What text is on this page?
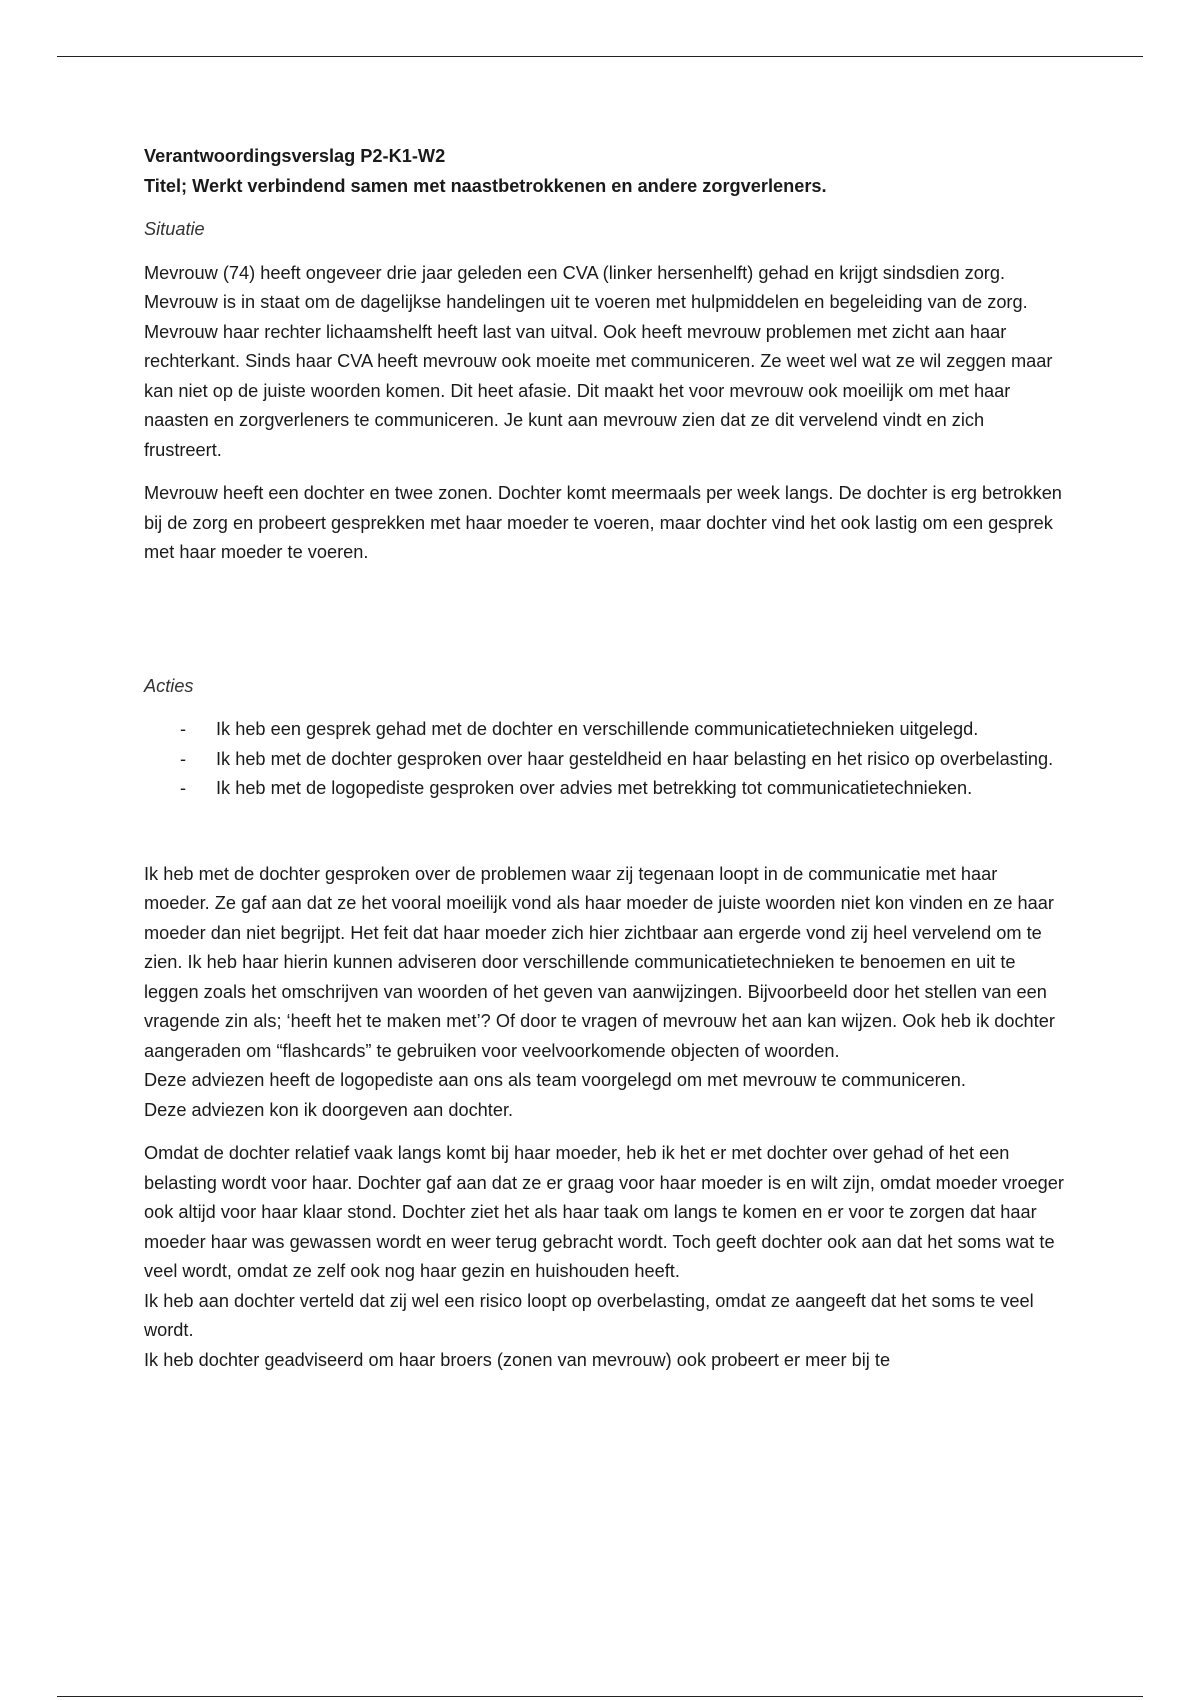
Verantwoordingsverslag P2-K1-W2

Titel; Werkt verbindend samen met naastbetrokkenen en andere zorgverleners.

Situatie

Mevrouw (74) heeft ongeveer drie jaar geleden een CVA (linker hersenhelft) gehad en krijgt sindsdien zorg. Mevrouw is in staat om de dagelijkse handelingen uit te voeren met hulpmiddelen en begeleiding van de zorg. Mevrouw haar rechter lichaamshelft heeft last van uitval. Ook heeft mevrouw problemen met zicht aan haar rechterkant. Sinds haar CVA heeft mevrouw ook moeite met communiceren. Ze weet wel wat ze wil zeggen maar kan niet op de juiste woorden komen. Dit heet afasie. Dit maakt het voor mevrouw ook moeilijk om met haar naasten en zorgverleners te communiceren. Je kunt aan mevrouw zien dat ze dit vervelend vindt en zich frustreert.

Mevrouw heeft een dochter en twee zonen. Dochter komt meermaals per week langs. De dochter is erg betrokken bij de zorg en probeert gesprekken met haar moeder te voeren, maar dochter vind het ook lastig om een gesprek met haar moeder te voeren.

Acties

- Ik heb een gesprek gehad met de dochter en verschillende communicatietechnieken uitgelegd.
- Ik heb met de dochter gesproken over haar gesteldheid en haar belasting en het risico op overbelasting.
- Ik heb met de logopediste gesproken over advies met betrekking tot communicatietechnieken.

Ik heb met de dochter gesproken over de problemen waar zij tegenaan loopt in de communicatie met haar moeder. Ze gaf aan dat ze het vooral moeilijk vond als haar moeder de juiste woorden niet kon vinden en ze haar moeder dan niet begrijpt. Het feit dat haar moeder zich hier zichtbaar aan ergerde vond zij heel vervelend om te zien. Ik heb haar hierin kunnen adviseren door verschillende communicatietechnieken te benoemen en uit te leggen zoals het omschrijven van woorden of het geven van aanwijzingen. Bijvoorbeeld door het stellen van een vragende zin als; ‘heeft het te maken met’? Of door te vragen of mevrouw het aan kan wijzen. Ook heb ik dochter aangeraden om “flashcards” te gebruiken voor veelvoorkomende objecten of woorden.

Deze adviezen heeft de logopediste aan ons als team voorgelegd om met mevrouw te communiceren.

Deze adviezen kon ik doorgeven aan dochter.

Omdat de dochter relatief vaak langs komt bij haar moeder, heb ik het er met dochter over gehad of het een belasting wordt voor haar. Dochter gaf aan dat ze er graag voor haar moeder is en wilt zijn, omdat moeder vroeger ook altijd voor haar klaar stond. Dochter ziet het als haar taak om langs te komen en er voor te zorgen dat haar moeder haar was gewassen wordt en weer terug gebracht wordt. Toch geeft dochter ook aan dat het soms wat te veel wordt, omdat ze zelf ook nog haar gezin en huishouden heeft.

Ik heb aan dochter verteld dat zij wel een risico loopt op overbelasting, omdat ze aangeeft dat het soms te veel wordt.

Ik heb dochter geadviseerd om haar broers (zonen van mevrouw) ook probeert er meer bij te
